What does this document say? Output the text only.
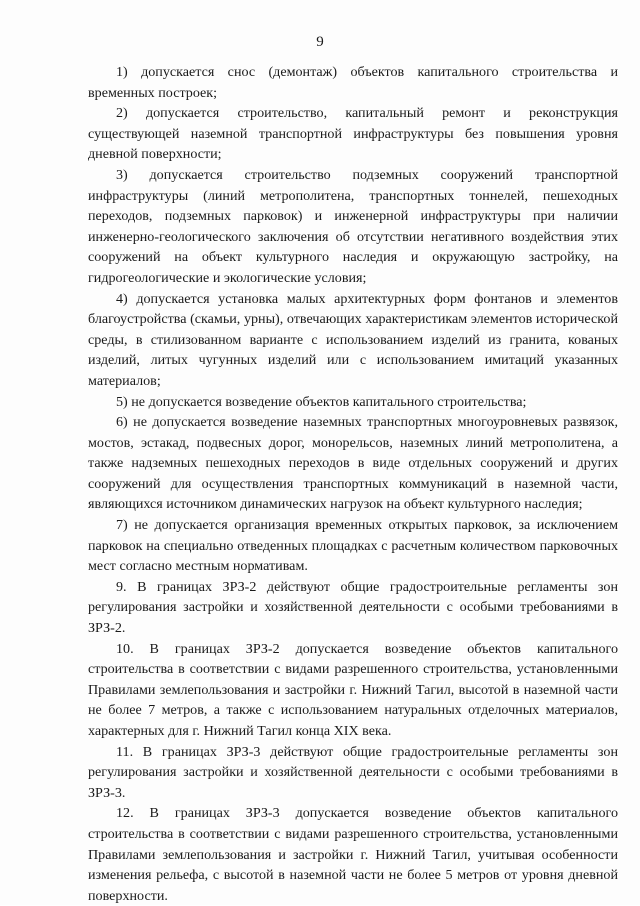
9

1) допускается снос (демонтаж) объектов капитального строительства и временных построек;

2) допускается строительство, капитальный ремонт и реконструкция существующей наземной транспортной инфраструктуры без повышения уровня дневной поверхности;

3) допускается строительство подземных сооружений транспортной инфраструктуры (линий метрополитена, транспортных тоннелей, пешеходных переходов, подземных парковок) и инженерной инфраструктуры при наличии инженерно-геологического заключения об отсутствии негативного воздействия этих сооружений на объект культурного наследия и окружающую застройку, на гидрогеологические и экологические условия;

4) допускается установка малых архитектурных форм фонтанов и элементов благоустройства (скамьи, урны), отвечающих характеристикам элементов исторической среды, в стилизованном варианте с использованием изделий из гранита, кованых изделий, литых чугунных изделий или с использованием имитаций указанных материалов;

5) не допускается возведение объектов капитального строительства;

6) не допускается возведение наземных транспортных многоуровневых развязок, мостов, эстакад, подвесных дорог, монорельсов, наземных линий метрополитена, а также надземных пешеходных переходов в виде отдельных сооружений и других сооружений для осуществления транспортных коммуникаций в наземной части, являющихся источником динамических нагрузок на объект культурного наследия;

7) не допускается организация временных открытых парковок, за исключением парковок на специально отведенных площадках с расчетным количеством парковочных мест согласно местным нормативам.

9. В границах ЗРЗ-2 действуют общие градостроительные регламенты зон регулирования застройки и хозяйственной деятельности с особыми требованиями в ЗРЗ-2.

10. В границах ЗРЗ-2 допускается возведение объектов капитального строительства в соответствии с видами разрешенного строительства, установленными Правилами землепользования и застройки г. Нижний Тагил, высотой в наземной части не более 7 метров, а также с использованием натуральных отделочных материалов, характерных для г. Нижний Тагил конца XIX века.

11. В границах ЗРЗ-3 действуют общие градостроительные регламенты зон регулирования застройки и хозяйственной деятельности с особыми требованиями в ЗРЗ-3.

12. В границах ЗРЗ-3 допускается возведение объектов капитального строительства в соответствии с видами разрешенного строительства, установленными Правилами землепользования и застройки г. Нижний Тагил, учитывая особенности изменения рельефа, с высотой в наземной части не более 5 метров от уровня дневной поверхности.
